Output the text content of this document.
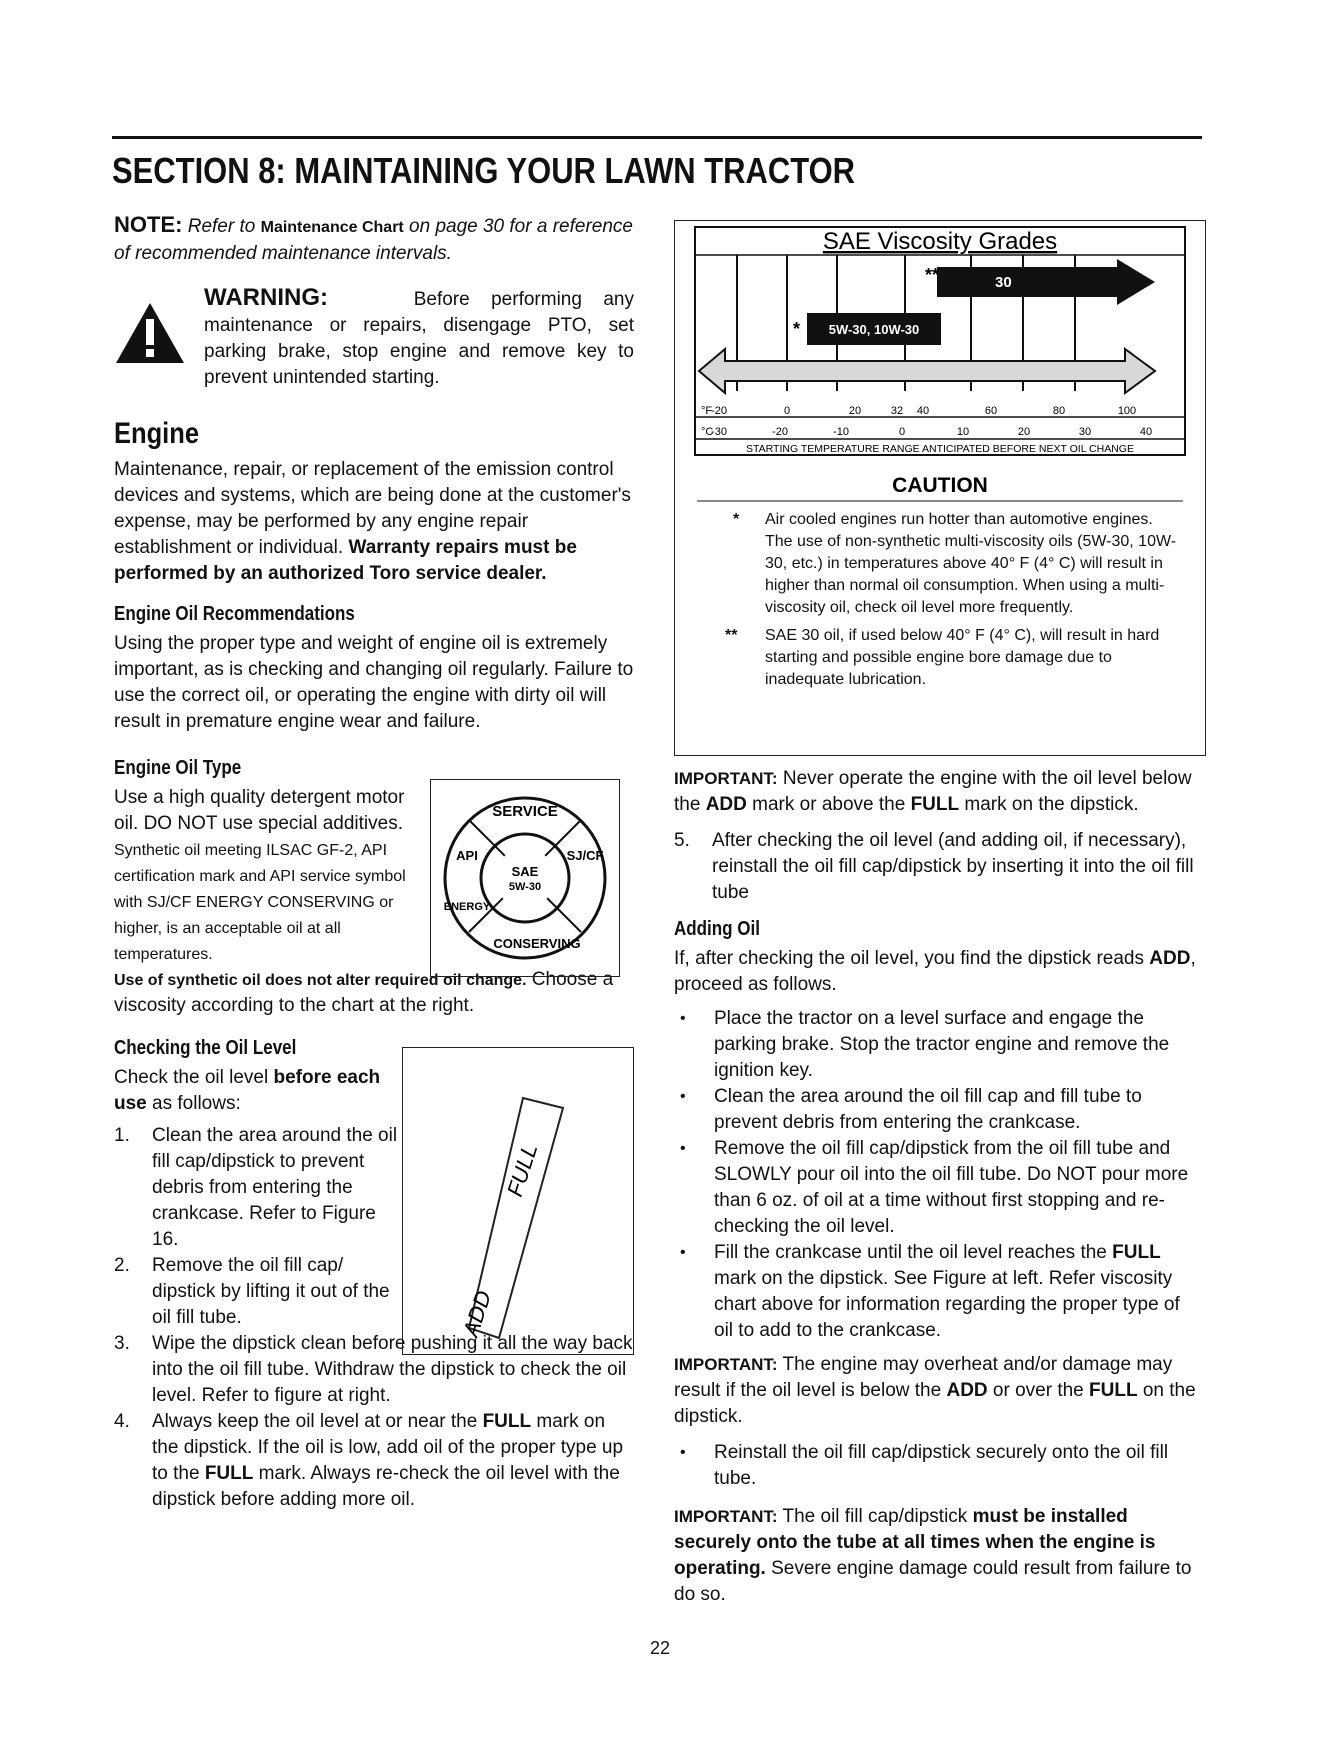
SECTION 8: MAINTAINING YOUR LAWN TRACTOR

NOTE: Refer to Maintenance Chart on page 30 for a reference of recommended maintenance intervals.

WARNING:	Before performing any maintenance or repairs, disengage PTO, set parking brake, stop engine and remove key to prevent unintended starting.

Engine

Maintenance, repair, or replacement of the emission control devices and systems, which are being done at the customer's expense, may be performed by any engine repair establishment or individual. Warranty repairs must be performed by an authorized Toro service dealer.

Engine Oil Recommendations

Using the proper type and weight of engine oil is extremely important, as is checking and changing oil regularly. Failure to use the correct oil, or operating the engine with dirty oil will result in premature engine wear and failure.

Engine Oil Type
SERVICE
API	SJ/CF
ENERGY
CONSERVING
SAE
5W-30

Use a high quality detergent motor oil. DO NOT use special additives. Synthetic oil meeting ILSAC GF-2, API certification mark and API service symbol with SJ/CF ENERGY CONSERVING or higher, is an acceptable oil at all temperatures.

Use of synthetic oil does not alter required oil change. Choose a viscosity according to the chart at the right.

Checking the Oil Level
FULL
ADD

Check the oil level before each use as follows:

1. Clean the area around the oil fill cap/dipstick to prevent debris from entering the crankcase. Refer to Figure 16.
2. Remove the oil fill cap/ dipstick by lifting it out of the oil fill tube.
3. Wipe the dipstick clean before pushing it all the way back into the oil fill tube. Withdraw the dipstick to check the oil level. Refer to figure at right.
4. Always keep the oil level at or near the FULL mark on the dipstick. If the oil is low, add oil of the proper type up to the FULL mark. Always re-check the oil level with the dipstick before adding more oil.
SAE Viscosity Grades
30
**
5W-30, 10W-30
*
°F
°C
-20	0	20	32 40	60	80	100
-30	-20	-10	0	10	20	30	40
STARTING TEMPERATURE RANGE ANTICIPATED BEFORE NEXT OIL CHANGE
CAUTION
* Air cooled engines run hotter than automotive engines. The use of non-synthetic multi-viscosity oils (5W-30, 10W-30, etc.) in temperatures above 40° F (4° C) will result in higher than normal oil consumption. When using a multi-viscosity oil, check oil level more frequently.
** SAE 30 oil, if used below 40° F (4° C), will result in hard starting and possible engine bore damage due to inadequate lubrication.

IMPORTANT: Never operate the engine with the oil level below the ADD mark or above the FULL mark on the dipstick.

5. After checking the oil level (and adding oil, if necessary), reinstall the oil fill cap/dipstick by inserting it into the oil fill tube
Adding Oil

If, after checking the oil level, you find the dipstick reads ADD, proceed as follows.

• Place the tractor on a level surface and engage the parking brake. Stop the tractor engine and remove the ignition key.
• Clean the area around the oil fill cap and fill tube to prevent debris from entering the crankcase.
• Remove the oil fill cap/dipstick from the oil fill tube and SLOWLY pour oil into the oil fill tube. Do NOT pour more than 6 oz. of oil at a time without first stopping and re-checking the oil level.
• Fill the crankcase until the oil level reaches the FULL mark on the dipstick. See Figure at left. Refer viscosity chart above for information regarding the proper type of oil to add to the crankcase.

IMPORTANT: The engine may overheat and/or damage may result if the oil level is below the ADD or over the FULL on the dipstick.

• Reinstall the oil fill cap/dipstick securely onto the oil fill tube.

IMPORTANT: The oil fill cap/dipstick must be installed securely onto the tube at all times when the engine is operating. Severe engine damage could result from failure to do so.

22
